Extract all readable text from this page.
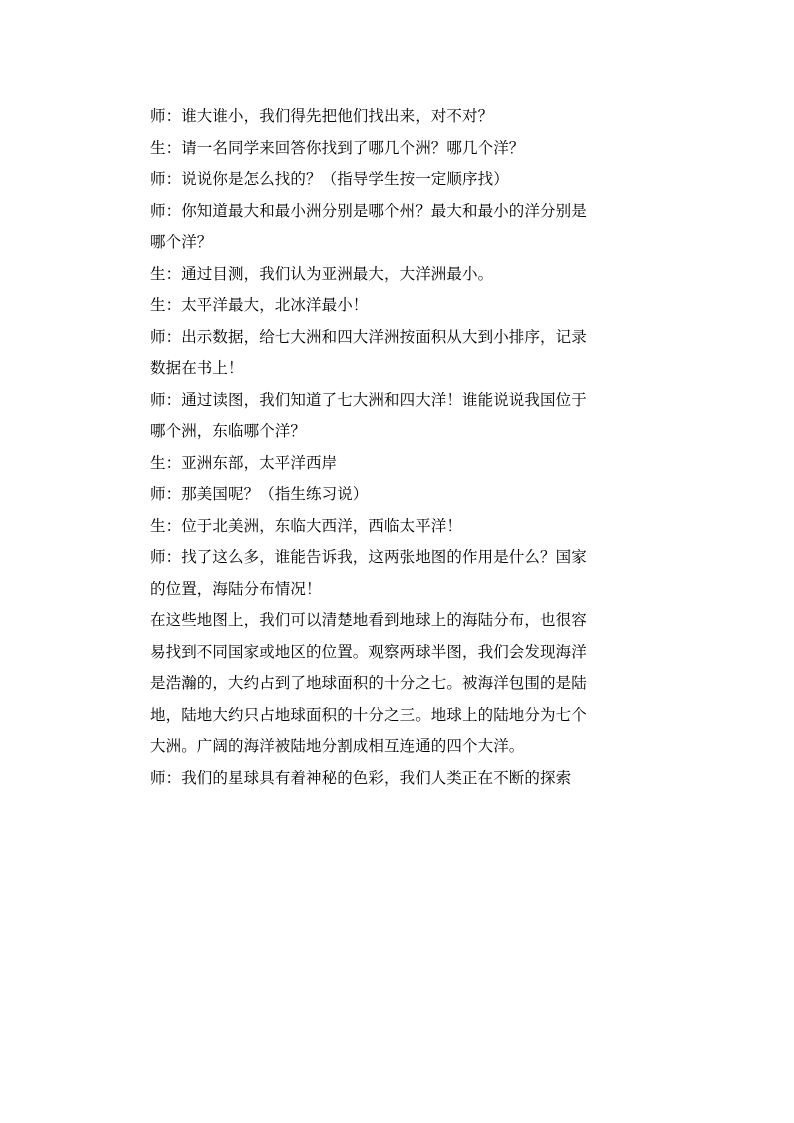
师：谁大谁小，我们得先把他们找出来，对不对？
生：请一名同学来回答你找到了哪几个洲？哪几个洋？
师：说说你是怎么找的？（指导学生按一定顺序找）
师：你知道最大和最小洲分别是哪个州？最大和最小的洋分别是
哪个洋？
生：通过目测，我们认为亚洲最大，大洋洲最小。
生：太平洋最大，北冰洋最小！
师：出示数据，给七大洲和四大洋洲按面积从大到小排序，记录
数据在书上！
师：通过读图，我们知道了七大洲和四大洋！谁能说说我国位于
哪个洲，东临哪个洋？
生：亚洲东部，太平洋西岸
师：那美国呢？（指生练习说）
生：位于北美洲，东临大西洋，西临太平洋！
师：找了这么多，谁能告诉我，这两张地图的作用是什么？国家
的位置，海陆分布情况！
在这些地图上，我们可以清楚地看到地球上的海陆分布，也很容
易找到不同国家或地区的位置。观察两球半图，我们会发现海洋
是浩瀚的，大约占到了地球面积的十分之七。被海洋包围的是陆
地，陆地大约只占地球面积的十分之三。地球上的陆地分为七个
大洲。广阔的海洋被陆地分割成相互连通的四个大洋。
师：我们的星球具有着神秘的色彩，我们人类正在不断的探索
